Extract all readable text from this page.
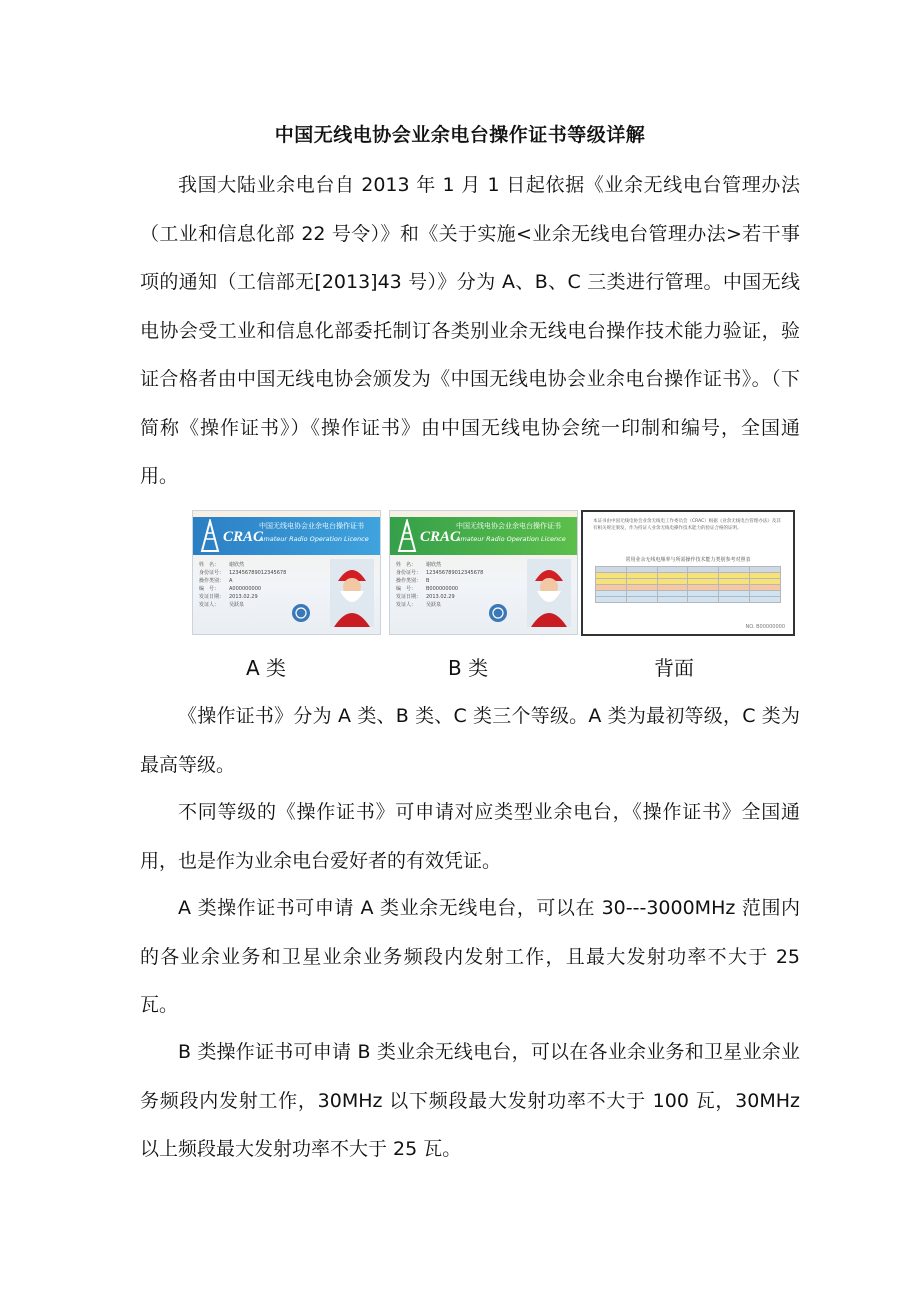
中国无线电协会业余电台操作证书等级详解

我国大陆业余电台自 2013 年 1 月 1 日起依据《业余无线电台管理办法（工业和信息化部 22 号令）》和《关于实施<业余无线电台管理办法>若干事项的通知（工信部无[2013]43 号）》分为 A、B、C 三类进行管理。中国无线电协会受工业和信息化部委托制订各类别业余无线电台操作技术能力验证，验证合格者由中国无线电协会颁发为《中国无线电协会业余电台操作证书》。（下简称《操作证书》）《操作证书》由中国无线电协会统一印制和编号，全国通用。

CRAC
中国无线电协会业余电台操作证书
Amateur Radio Operation Licence
姓　名： 谢欣然
身份证号： 123456789012345678
操作类别： A
编　号： A000000000
发证日期： 2013.02.29
发证人： 吴跃泉
CRAC
中国无线电协会业余电台操作证书
Amateur Radio Operation Licence
姓　名： 谢欣然
身份证号： 123456789012345678
操作类别： B
编　号： B000000000
发证日期： 2013.02.29
发证人： 吴跃泉
本证书由中国无线电协会业余无线电工作委员会（CRAC）根据《业余无线电台管理办法》及其有相关规定颁发，作为持证人业余无线电操作技术能力的验证合格的证明。
常用业余无线电频率与所需操作技术能力类别参考对照表

NO. B00000000
A 类	B 类	背面

《操作证书》分为 A 类、B 类、C 类三个等级。A 类为最初等级，C 类为最高等级。

不同等级的《操作证书》可申请对应类型业余电台，《操作证书》全国通用，也是作为业余电台爱好者的有效凭证。

A 类操作证书可申请 A 类业余无线电台，可以在 30---3000MHz 范围内的各业余业务和卫星业余业务频段内发射工作，且最大发射功率不大于 25 瓦。

B 类操作证书可申请 B 类业余无线电台，可以在各业余业务和卫星业余业务频段内发射工作，30MHz 以下频段最大发射功率不大于 100 瓦，30MHz 以上频段最大发射功率不大于 25 瓦。
